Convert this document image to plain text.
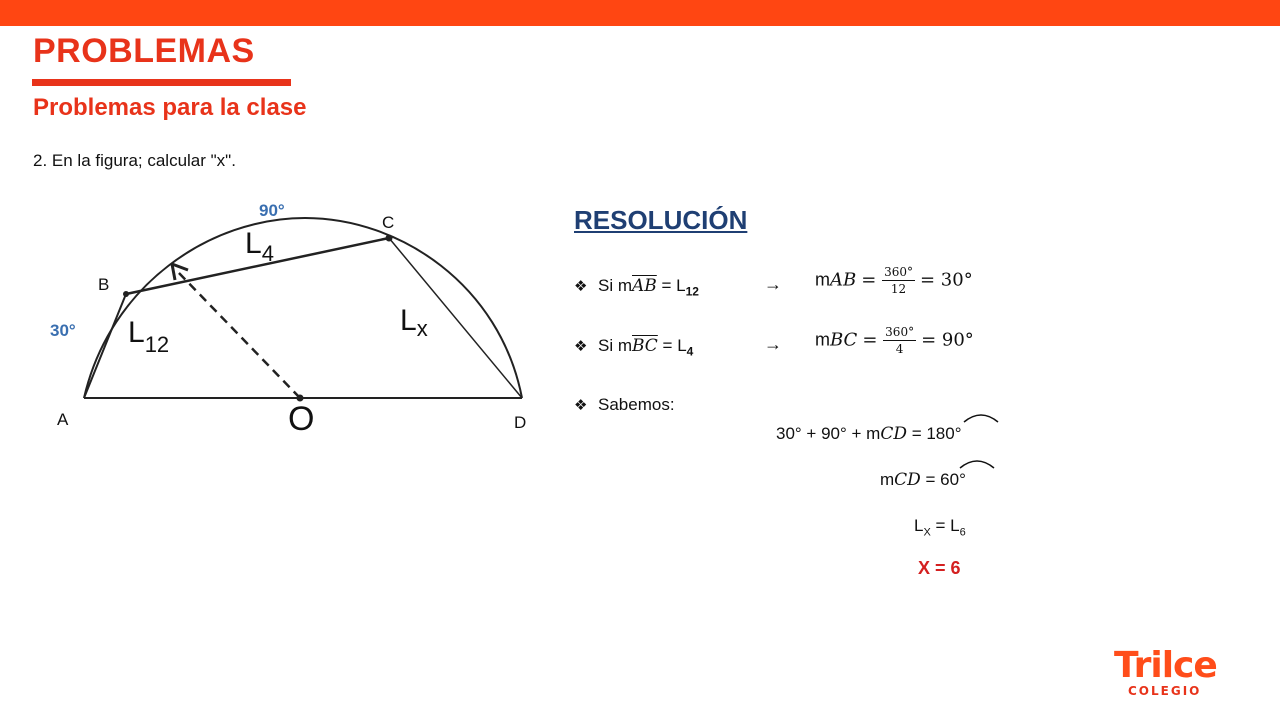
PROBLEMAS
Problemas para la clase
2. En la figura; calcular "x".
90°
30°
A
B
C
D
O
$L_4$
$L_{12}$
$L_x$
RESOLUCIÓN
❖ Si $m\overline{AB} = L_{12}$	→ mAB = $\frac{360^\circ}{12} = 30^\circ$
❖ Si $m\overline{BC} = L_4$	→ mBC = $\frac{360^\circ}{4} = 90^\circ$
❖ Sabemos:
30° + 90° + mCD = 180°
mCD = 60°
$L_X = L_6$
X = 6
Trilce
COLEGIO
